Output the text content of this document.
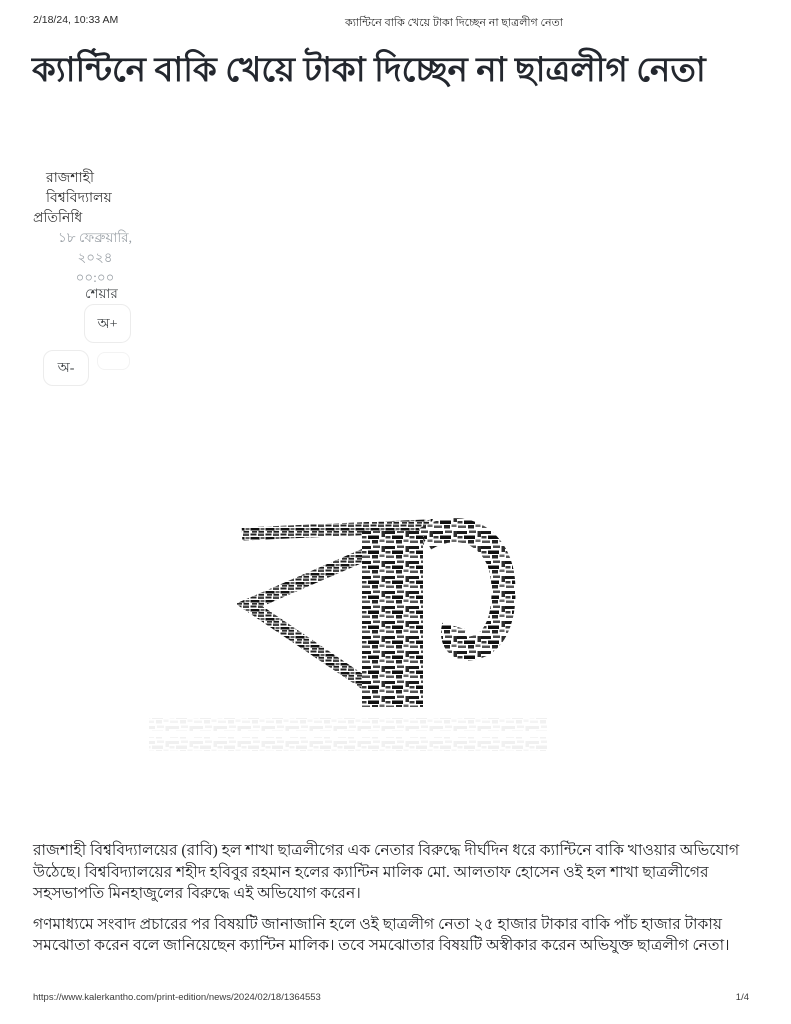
2/18/24, 10:33 AM	ক্যান্টিনে বাকি খেয়ে টাকা দিচ্ছেন না ছাত্রলীগ নেতা
ক্যান্টিনে বাকি খেয়ে টাকা দিচ্ছেন না ছাত্রলীগ নেতা
রাজশাহী বিশ্ববিদ্যালয়
প্রতিনিধি
১৮ ফেব্রুয়ারি, ২০২৪
০০:০০
শেয়ার
অ+
অ-

রাজশাহী বিশ্ববিদ্যালয়ের (রাবি) হল শাখা ছাত্রলীগের এক নেতার বিরুদ্ধে দীর্ঘদিন ধরে ক্যান্টিনে বাকি খাওয়ার অভিযোগ উঠেছে। বিশ্ববিদ্যালয়ের শহীদ হবিবুর রহমান হলের ক্যান্টিন মালিক মো. আলতাফ হোসেন ওই হল শাখা ছাত্রলীগের সহসভাপতি মিনহাজুলের বিরুদ্ধে এই অভিযোগ করেন।

গণমাধ্যমে সংবাদ প্রচারের পর বিষয়টি জানাজানি হলে ওই ছাত্রলীগ নেতা ২৫ হাজার টাকার বাকি পাঁচ হাজার টাকায় সমঝোতা করেন বলে জানিয়েছেন ক্যান্টিন মালিক। তবে সমঝোতার বিষয়টি অস্বীকার করেন অভিযুক্ত ছাত্রলীগ নেতা।

https://www.kalerkantho.com/print-edition/news/2024/02/18/1364553	1/4
